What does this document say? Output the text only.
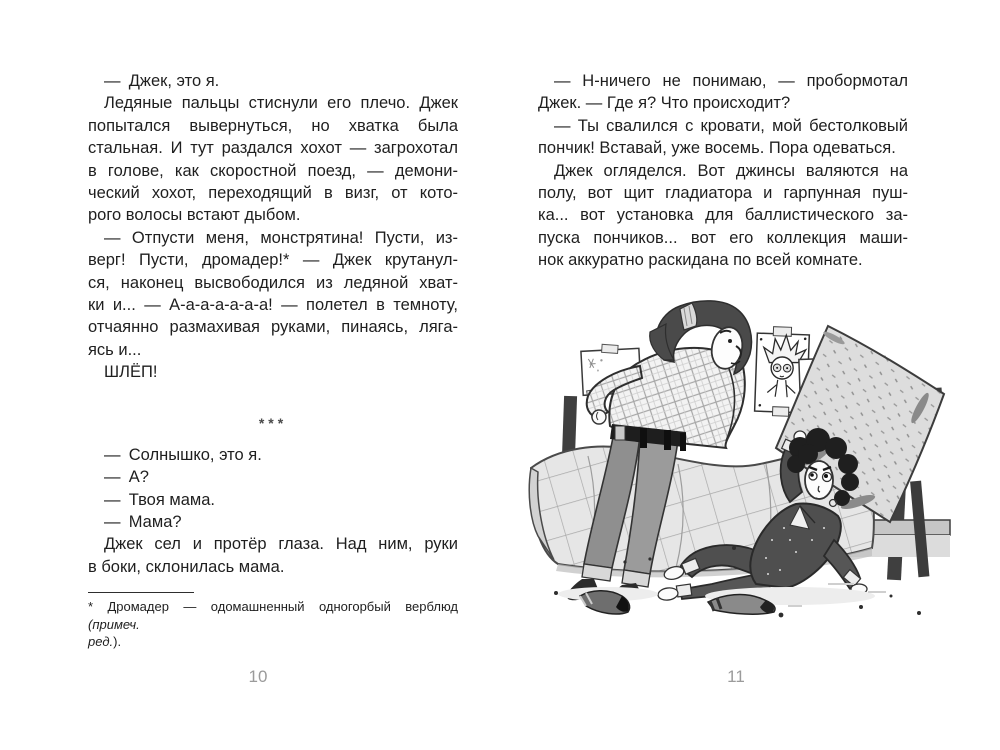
— Джек, это я.
Ледяные пальцы стиснули его плечо. Джек
попытался вывернуться, но хватка была
стальная. И тут раздался хохот — загрохотал
в голове, как скоростной поезд, — демони-
ческий хохот, переходящий в визг, от кото-
рого волосы встают дыбом.
— Отпусти меня, монстрятина! Пусти, из-
верг! Пусти, дромадер!* — Джек крутанул-
ся, наконец высвободился из ледяной хват-
ки и... — А-а-а-а-а-а-а! — полетел в темноту,
отчаянно размахивая руками, пинаясь, ляга-
ясь и...
ШЛЁП!
***
— Солнышко, это я.
— А?
— Твоя мама.
— Мама?
Джек сел и протёр глаза. Над ним, руки
в боки, склонилась мама.
* Дромадер — одомашненный одногорбый верблюд (примеч.
ред.).
— Н-ничего не понимаю, — пробормотал
Джек. — Где я? Что происходит?
— Ты свалился с кровати, мой бестолковый
пончик! Вставай, уже восемь. Пора одеваться.
Джек огляделся. Вот джинсы валяются на
полу, вот щит гладиатора и гарпунная пуш-
ка... вот установка для баллистического за-
пуска пончиков... вот его коллекция маши-
нок аккуратно раскидана по всей комнате.
10	11
